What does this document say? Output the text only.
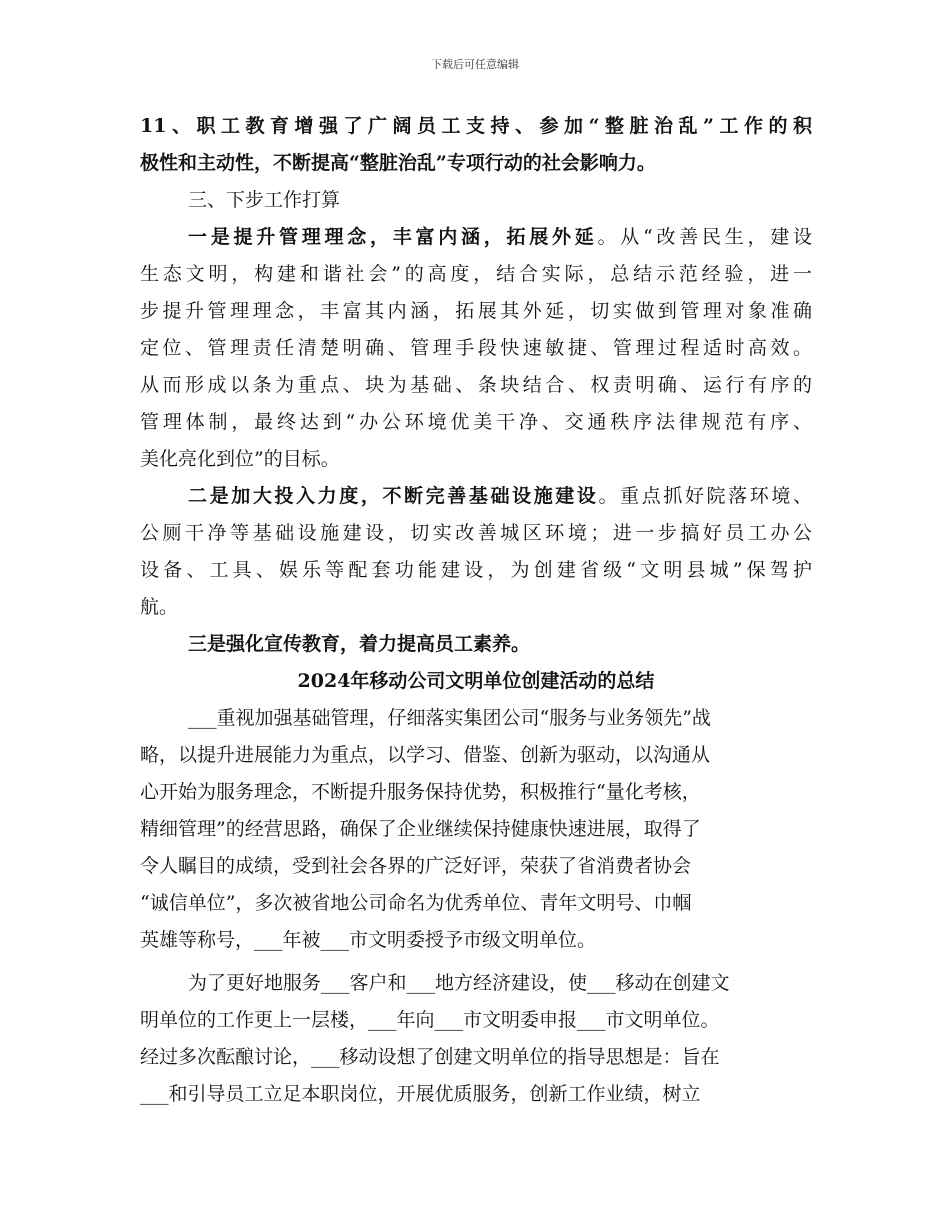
下载后可任意编辑
11、职工教育增强了广阔员工支持、参加“整脏治乱”工作的积
极性和主动性，不断提高“整脏治乱”专项行动的社会影响力。
三、下步工作打算
一是提升管理理念，丰富内涵，拓展外延。从“改善民生，建设
生态文明，构建和谐社会”的高度，结合实际，总结示范经验，进一
步提升管理理念，丰富其内涵，拓展其外延，切实做到管理对象准确
定位、管理责任清楚明确、管理手段快速敏捷、管理过程适时高效。
从而形成以条为重点、块为基础、条块结合、权责明确、运行有序的
管理体制，最终达到“办公环境优美干净、交通秩序法律规范有序、
美化亮化到位”的目标。
二是加大投入力度，不断完善基础设施建设。重点抓好院落环境、
公厕干净等基础设施建设，切实改善城区环境；进一步搞好员工办公
设备、工具、娱乐等配套功能建设，为创建省级“文明县城”保驾护
航。
三是强化宣传教育，着力提高员工素养。
2024年移动公司文明单位创建活动的总结
___重视加强基础管理，仔细落实集团公司“服务与业务领先”战
略，以提升进展能力为重点，以学习、借鉴、创新为驱动，以沟通从
心开始为服务理念，不断提升服务保持优势，积极推行“量化考核，
精细管理”的经营思路，确保了企业继续保持健康快速进展，取得了
令人瞩目的成绩，受到社会各界的广泛好评，荣获了省消费者协会
“诚信单位”，多次被省地公司命名为优秀单位、青年文明号、巾帼
英雄等称号，___年被___市文明委授予市级文明单位。
为了更好地服务___客户和___地方经济建设，使___移动在创建文
明单位的工作更上一层楼，___年向___市文明委申报___市文明单位。
经过多次酝酿讨论，___移动设想了创建文明单位的指导思想是：旨在
___和引导员工立足本职岗位，开展优质服务，创新工作业绩，树立
